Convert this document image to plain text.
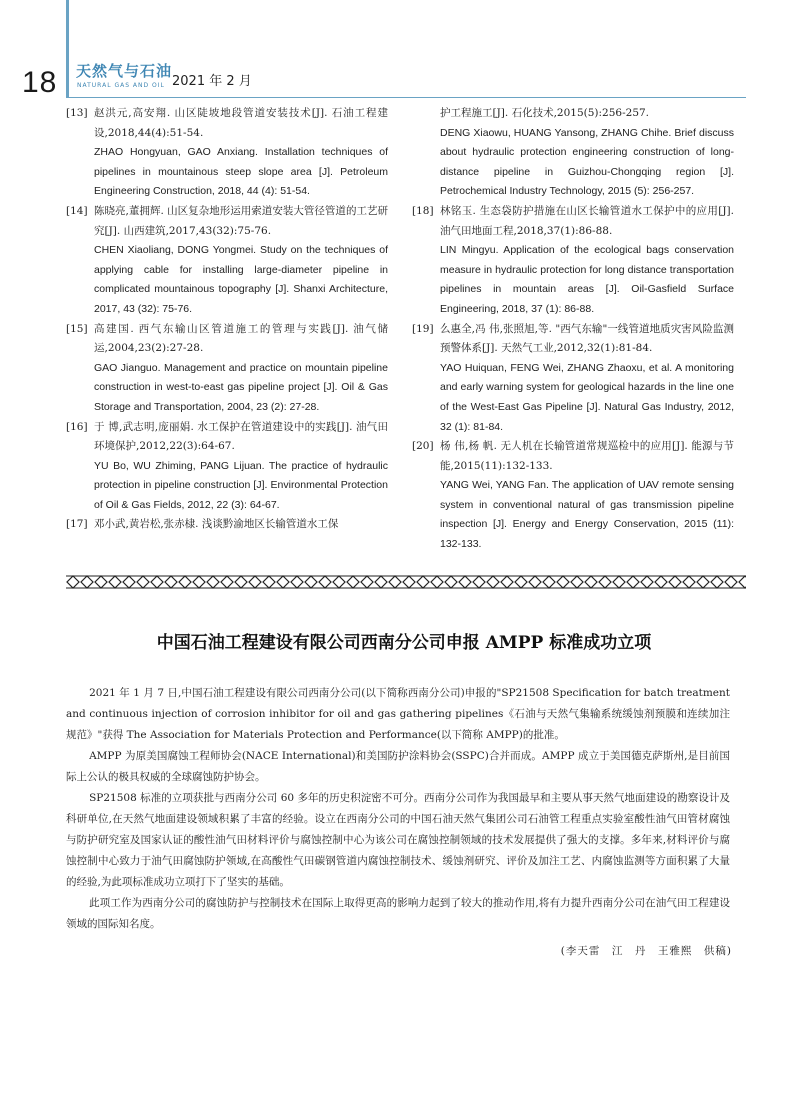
18 天然气与石油
NATURAL GAS AND OIL 2021 年 2 月
[13] 赵洪元,高安翔. 山区陡坡地段管道安装技术[J]. 石油工程建设,2018,44(4):51-54.
ZHAO Hongyuan, GAO Anxiang. Installation techniques of pipelines in mountainous steep slope area [J]. Petroleum Engineering Construction, 2018, 44 (4): 51-54.
[14] 陈晓亮,董拥辉. 山区复杂地形运用索道安装大管径管道的工艺研究[J]. 山西建筑,2017,43(32):75-76.
CHEN Xiaoliang, DONG Yongmei. Study on the techniques of applying cable for installing large-diameter pipeline in complicated mountainous topography [J]. Shanxi Architecture, 2017, 43 (32): 75-76.
[15] 高建国. 西气东输山区管道施工的管理与实践[J]. 油气储运,2004,23(2):27-28.
GAO Jianguo. Management and practice on mountain pipeline construction in west-to-east gas pipeline project [J]. Oil & Gas Storage and Transportation, 2004, 23 (2): 27-28.
[16] 于 博,武志明,庞丽娟. 水工保护在管道建设中的实践[J]. 油气田环境保护,2012,22(3):64-67.
YU Bo, WU Zhiming, PANG Lijuan. The practice of hydraulic protection in pipeline construction [J]. Environmental Protection of Oil & Gas Fields, 2012, 22 (3): 64-67.
[17] 邓小武,黄岩松,张赤棣. 浅谈黔渝地区长输管道水工保
护工程施工[J]. 石化技术,2015(5):256-257.
DENG Xiaowu, HUANG Yansong, ZHANG Chihe. Brief discuss about hydraulic protection engineering construction of long-distance pipeline in Guizhou-Chongqing region [J]. Petrochemical Industry Technology, 2015 (5): 256-257.
[18] 林铭玉. 生态袋防护措施在山区长输管道水工保护中的应用[J]. 油气田地面工程,2018,37(1):86-88.
LIN Mingyu. Application of the ecological bags conservation measure in hydraulic protection for long distance transportation pipelines in mountain areas [J]. Oil-Gasfield Surface Engineering, 2018, 37 (1): 86-88.
[19] 么惠全,冯 伟,张照旭,等. "西气东输"一线管道地质灾害风险监测预警体系[J]. 天然气工业,2012,32(1):81-84.
YAO Huiquan, FENG Wei, ZHANG Zhaoxu, et al. A monitoring and early warning system for geological hazards in the line one of the West-East Gas Pipeline [J]. Natural Gas Industry, 2012, 32 (1): 81-84.
[20] 杨 伟,杨 帆. 无人机在长输管道常规巡检中的应用[J]. 能源与节能,2015(11):132-133.
YANG Wei, YANG Fan. The application of UAV remote sensing system in conventional natural of gas transmission pipeline inspection [J]. Energy and Energy Conservation, 2015 (11): 132-133.
中国石油工程建设有限公司西南分公司申报 AMPP 标准成功立项

2021 年 1 月 7 日,中国石油工程建设有限公司西南分公司(以下简称西南分公司)申报的"SP21508 Specification for batch treatment and continuous injection of corrosion inhibitor for oil and gas gathering pipelines《石油与天然气集输系统缓蚀剂预膜和连续加注规范》"获得 The Association for Materials Protection and Performance(以下简称 AMPP)的批准。

AMPP 为原美国腐蚀工程师协会(NACE International)和美国防护涂料协会(SSPC)合并而成。AMPP 成立于美国德克萨斯州,是目前国际上公认的极具权威的全球腐蚀防护协会。

SP21508 标准的立项获批与西南分公司 60 多年的历史积淀密不可分。西南分公司作为我国最早和主要从事天然气地面建设的勘察设计及科研单位,在天然气地面建设领域积累了丰富的经验。设立在西南分公司的中国石油天然气集团公司石油管工程重点实验室酸性油气田管材腐蚀与防护研究室及国家认证的酸性油气田材料评价与腐蚀控制中心为该公司在腐蚀控制领域的技术发展提供了强大的支撑。多年来,材料评价与腐蚀控制中心致力于油气田腐蚀防护领域,在高酸性气田碳钢管道内腐蚀控制技术、缓蚀剂研究、评价及加注工艺、内腐蚀监测等方面积累了大量的经验,为此项标准成功立项打下了坚实的基础。

此项工作为西南分公司的腐蚀防护与控制技术在国际上取得更高的影响力起到了较大的推动作用,将有力提升西南分公司在油气田工程建设领域的国际知名度。

(李天雷　江　丹　王雅熙　供稿)
